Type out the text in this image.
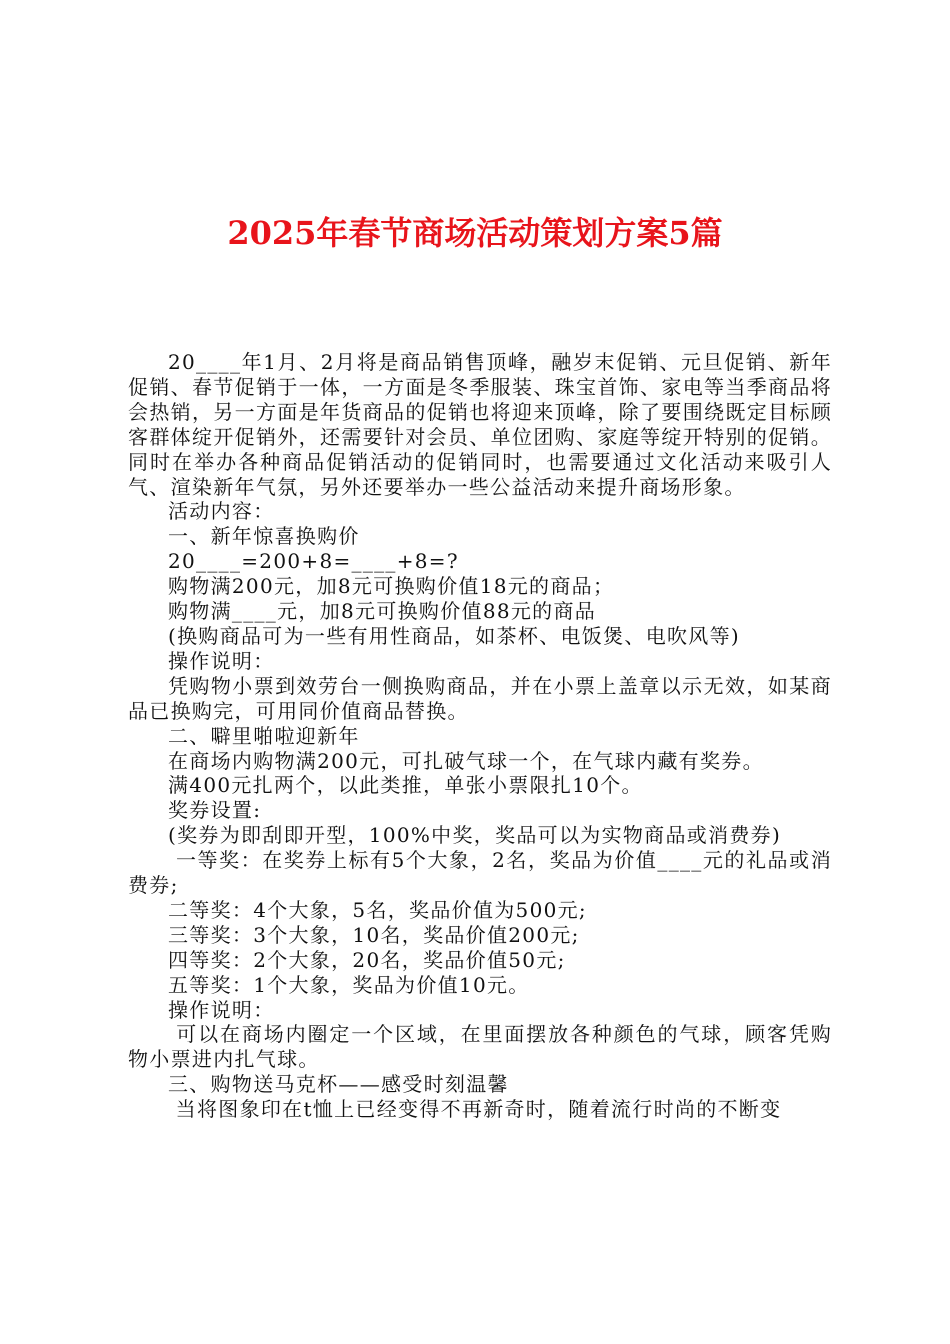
2025年春节商场活动策划方案5篇

20____年1月、2月将是商品销售顶峰，融岁末促销、元旦促销、新年促销、春节促销于一体，一方面是冬季服装、珠宝首饰、家电等当季商品将会热销，另一方面是年货商品的促销也将迎来顶峰，除了要围绕既定目标顾客群体绽开促销外，还需要针对会员、单位团购、家庭等绽开特别的促销。同时在举办各种商品促销活动的促销同时，也需要通过文化活动来吸引人气、渲染新年气氛，另外还要举办一些公益活动来提升商场形象。

活动内容：

一、新年惊喜换购价

20____=200+8=____+8=?

购物满200元，加8元可换购价值18元的商品；

购物满____元，加8元可换购价值88元的商品

(换购商品可为一些有用性商品，如茶杯、电饭煲、电吹风等)

操作说明：

凭购物小票到效劳台一侧换购商品，并在小票上盖章以示无效，如某商品已换购完，可用同价值商品替换。

二、噼里啪啦迎新年

在商场内购物满200元，可扎破气球一个，在气球内藏有奖券。

满400元扎两个，以此类推，单张小票限扎10个。

奖券设置:

(奖券为即刮即开型，100%中奖，奖品可以为实物商品或消费券)

一等奖：在奖券上标有5个大象，2名，奖品为价值____元的礼品或消费券;

二等奖：4个大象，5名，奖品价值为500元;

三等奖：3个大象，10名，奖品价值200元;

四等奖：2个大象，20名，奖品价值50元;

五等奖：1个大象，奖品为价值10元。

操作说明：

可以在商场内圈定一个区域，在里面摆放各种颜色的气球，顾客凭购物小票进内扎气球。

三、购物送马克杯——感受时刻温馨

当将图象印在t恤上已经变得不再新奇时，随着流行时尚的不断变
